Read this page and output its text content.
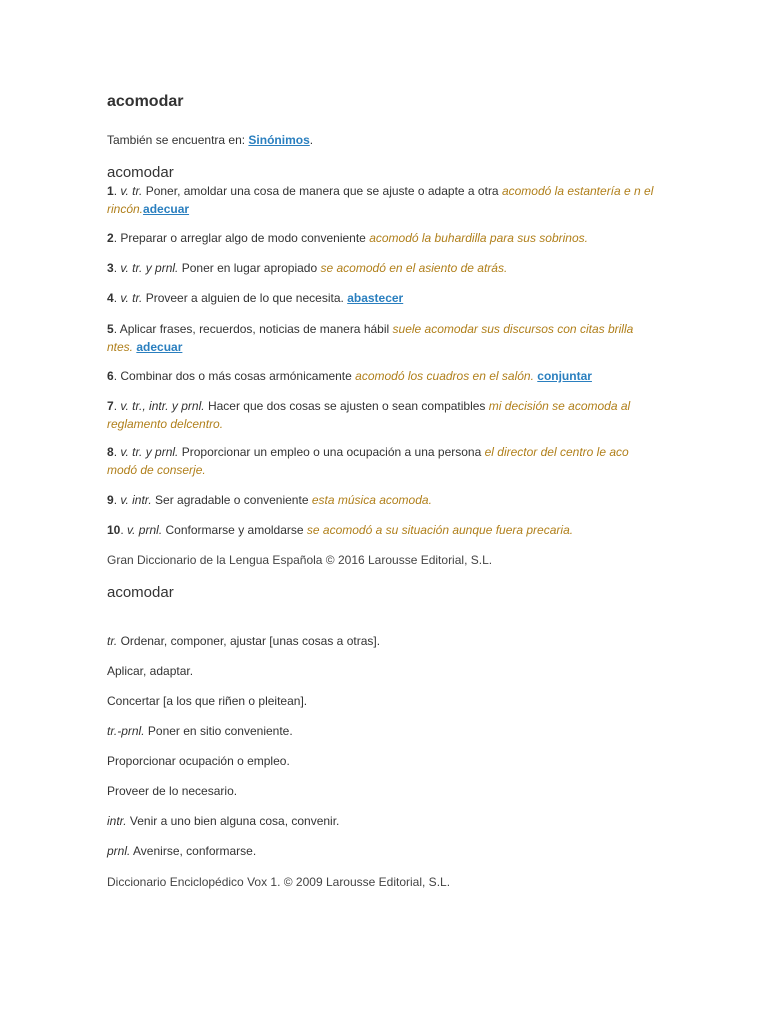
acomodar
También se encuentra en: Sinónimos.
acomodar
1. v. tr. Poner, amoldar una cosa de manera que se ajuste o adapte a otra acomodó la estantería e n el rincón.adecuar
2. Preparar o arreglar algo de modo conveniente acomodó la buhardilla para sus sobrinos.
3. v. tr. y prnl. Poner en lugar apropiado se acomodó en el asiento de atrás.
4. v. tr. Proveer a alguien de lo que necesita. abastecer
5. Aplicar frases, recuerdos, noticias de manera hábil suele acomodar sus discursos con citas brilla ntes. adecuar
6. Combinar dos o más cosas armónicamente acomodó los cuadros en el salón. conjuntar
7. v. tr., intr. y prnl. Hacer que dos cosas se ajusten o sean compatibles mi decisión se acomoda al reglamento delcentro.
8. v. tr. y prnl. Proporcionar un empleo o una ocupación a una persona el director del centro le aco modó de conserje.
9. v. intr. Ser agradable o conveniente esta música acomoda.
10. v. prnl. Conformarse y amoldarse se acomodó a su situación aunque fuera precaria.
Gran Diccionario de la Lengua Española © 2016 Larousse Editorial, S.L.
acomodar
tr. Ordenar, componer, ajustar [unas cosas a otras].
Aplicar, adaptar.
Concertar [a los que riñen o pleitean].
tr.-prnl. Poner en sitio conveniente.
Proporcionar ocupación o empleo.
Proveer de lo necesario.
intr. Venir a uno bien alguna cosa, convenir.
prnl. Avenirse, conformarse.
Diccionario Enciclopédico Vox 1. © 2009 Larousse Editorial, S.L.
